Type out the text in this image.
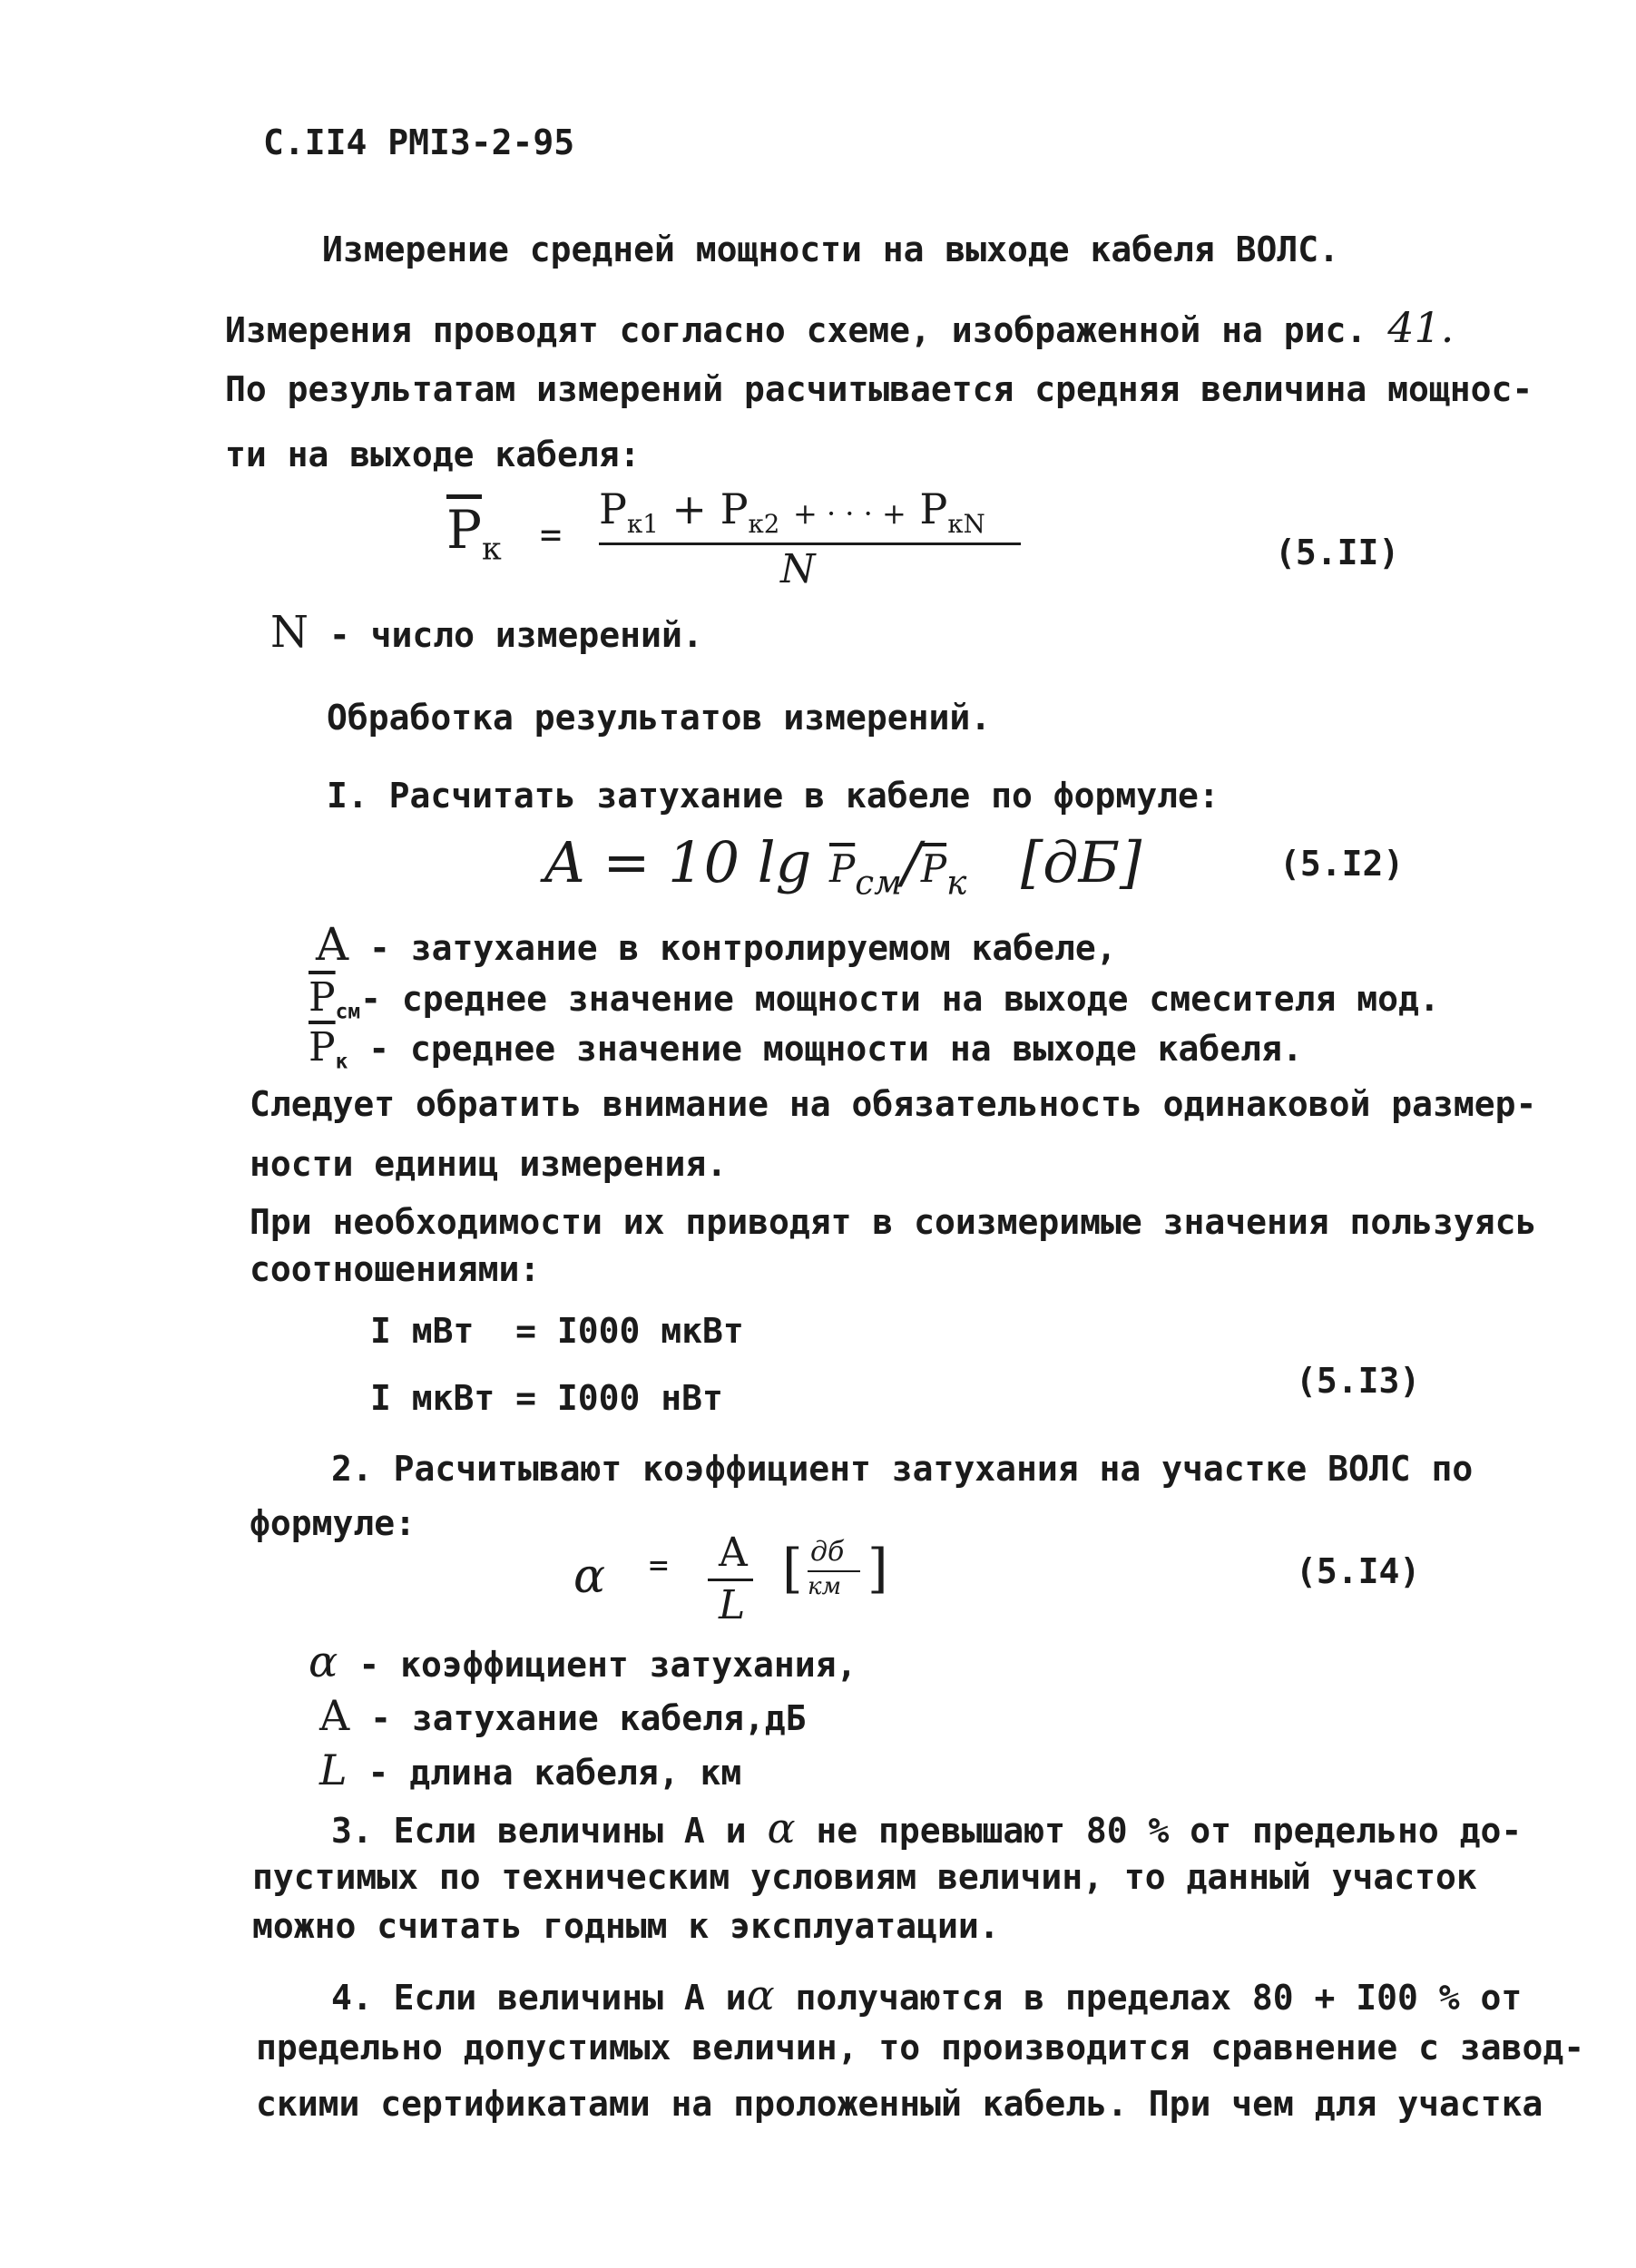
С.II4 РМI3-2-95
Измерение средней мощности на выходе кабеля ВОЛС.
Измерения проводят согласно схеме, изображенной на рис. 41.
По результатам измерений расчитывается средняя величина мощнос-
ти на выходе кабеля:
$\overline{P}_к$ =
$P_{к1} + P_{к2}$ + · · · + $P_{кN}$
N	(5.II)
N - число измерений.
Обработка результатов измерений.
I. Расчитать затухание в кабеле по формуле:
A = 10 $\lg \overline{P}_{см}/\overline{P}_к$ [дБ]	(5.I2)
A - затухание в контролируемом кабеле,
$\overline{P}_{см}-$ среднее значение мощности на выходе смесителя мод.
$\overline{P}_к$ - среднее значение мощности на выходе кабеля.
Следует обратить внимание на обязательность одинаковой размер-
ности единиц измерения.
При необходимости их приводят в соизмеримые значения пользуясь
соотношениями:
I мВт  = I000 мкВт
I мкВт = I000 нВт	(5.I3)
2. Расчитывают коэффициент затухания на участке ВОЛС по
формуле:
α = A
L
[ дб
км ]	(5.I4)
α - коэффициент затухания,
A - затухание кабеля,дБ
L - длина кабеля, км
3. Если величины А и α не превышают 80 % от предельно до-
пустимых по техническим условиям величин, то данный участок
можно считать годным к эксплуатации.
4. Если величины А иα получаются в пределах 80 + I00 % от
предельно допустимых величин, то производится сравнение с завод-
скими сертификатами на проложенный кабель. При чем для участка
